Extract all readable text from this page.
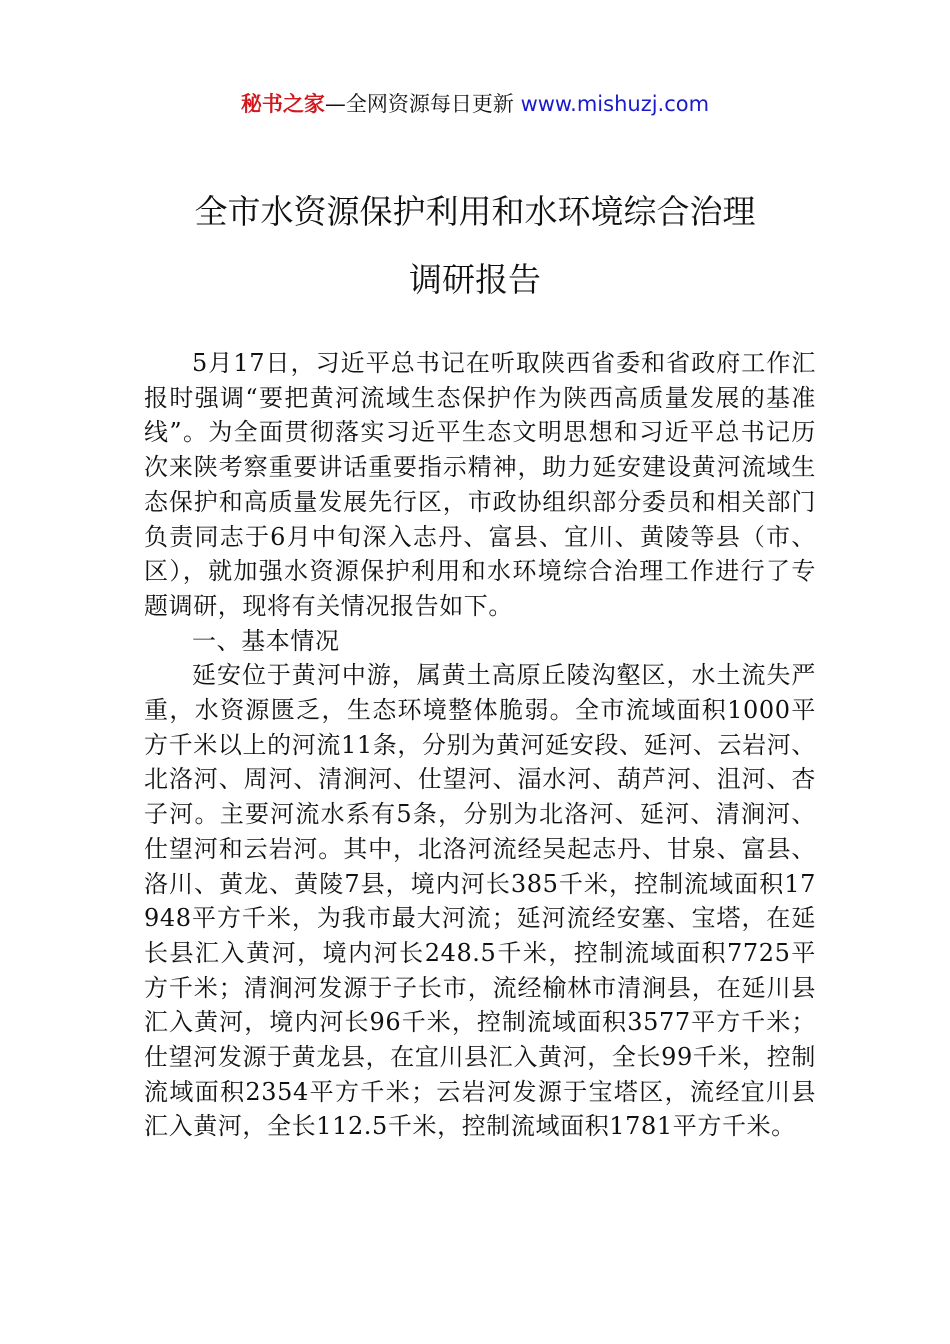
秘书之家—全网资源每日更新 www.mishuzj.com
全市水资源保护利用和水环境综合治理
调研报告

5月17日，习近平总书记在听取陕西省委和省政府工作汇报时强调“要把黄河流域生态保护作为陕西高质量发展的基准线”。为全面贯彻落实习近平生态文明思想和习近平总书记历次来陕考察重要讲话重要指示精神，助力延安建设黄河流域生态保护和高质量发展先行区，市政协组织部分委员和相关部门负责同志于6月中旬深入志丹、富县、宜川、黄陵等县（市、区），就加强水资源保护利用和水环境综合治理工作进行了专题调研，现将有关情况报告如下。

一、基本情况

延安位于黄河中游，属黄土高原丘陵沟壑区，水土流失严重，水资源匮乏，生态环境整体脆弱。全市流域面积1000平方千米以上的河流11条，分别为黄河延安段、延河、云岩河、北洛河、周河、清涧河、仕望河、湢水河、葫芦河、沮河、杏子河。主要河流水系有5条，分别为北洛河、延河、清涧河、仕望河和云岩河。其中，北洛河流经吴起志丹、甘泉、富县、洛川、黄龙、黄陵7县，境内河长385千米，控制流域面积17948平方千米，为我市最大河流；延河流经安塞、宝塔，在延长县汇入黄河，境内河长248.5千米，控制流域面积7725平方千米；清涧河发源于子长市，流经榆林市清涧县，在延川县汇入黄河，境内河长96千米，控制流域面积3577平方千米；仕望河发源于黄龙县，在宜川县汇入黄河，全长99千米，控制流域面积2354平方千米；云岩河发源于宝塔区，流经宜川县汇入黄河，全长112.5千米，控制流域面积1781平方千米。
